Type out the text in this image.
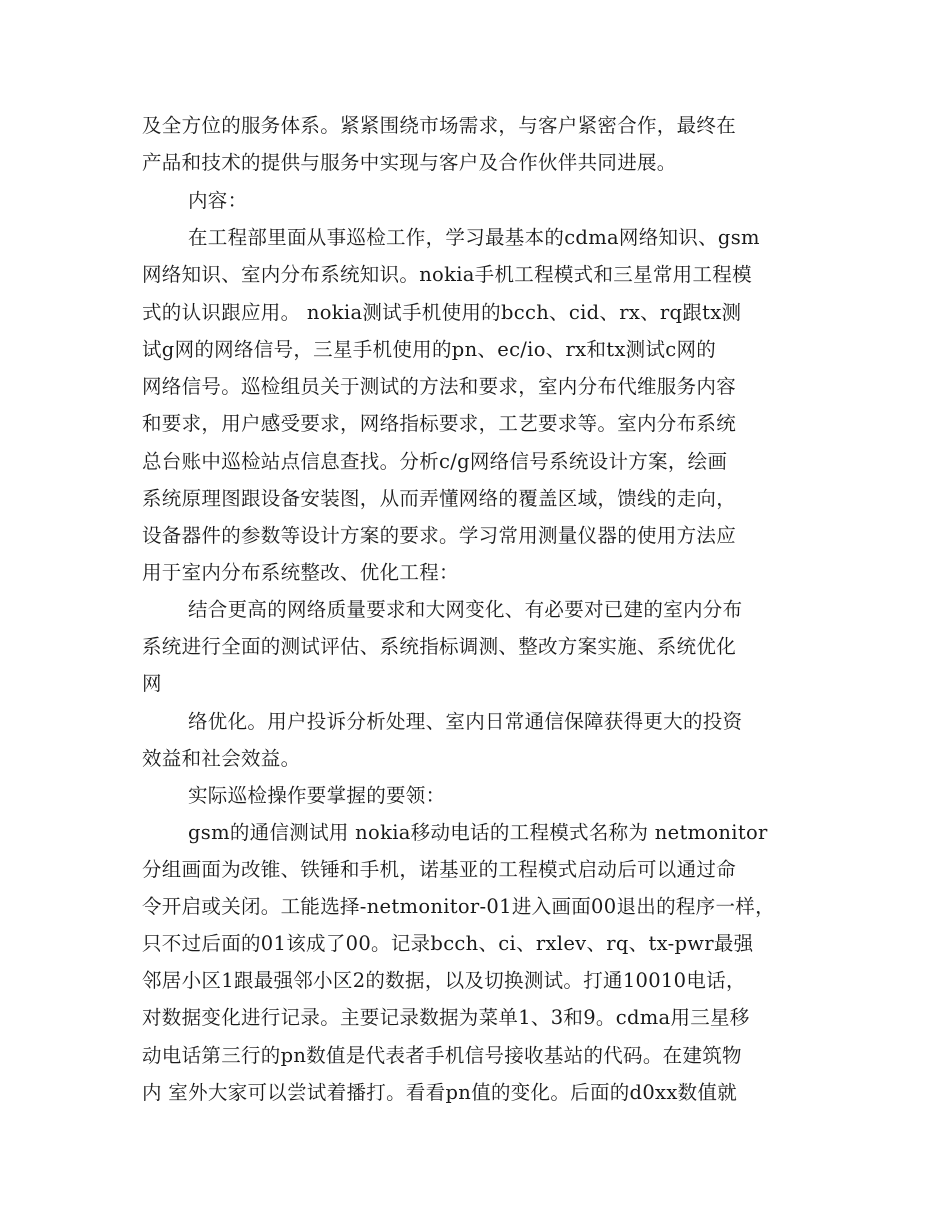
及全方位的服务体系。紧紧围绕市场需求，与客户紧密合作，最终在
产品和技术的提供与服务中实现与客户及合作伙伴共同进展。
内容：
在工程部里面从事巡检工作，学习最基本的cdma网络知识、gsm
网络知识、室内分布系统知识。nokia手机工程模式和三星常用工程模
式的认识跟应用。 nokia测试手机使用的bcch、cid、rx、rq跟tx测
试g网的网络信号，三星手机使用的pn、ec/io、rx和tx测试c网的
网络信号。巡检组员关于测试的方法和要求，室内分布代维服务内容
和要求，用户感受要求，网络指标要求，工艺要求等。室内分布系统
总台账中巡检站点信息查找。分析c/g网络信号系统设计方案，绘画
系统原理图跟设备安装图，从而弄懂网络的覆盖区域，馈线的走向，
设备器件的参数等设计方案的要求。学习常用测量仪器的使用方法应
用于室内分布系统整改、优化工程：
结合更高的网络质量要求和大网变化、有必要对已建的室内分布
系统进行全面的测试评估、系统指标调测、整改方案实施、系统优化
网
络优化。用户投诉分析处理、室内日常通信保障获得更大的投资
效益和社会效益。
实际巡检操作要掌握的要领：
gsm的通信测试用 nokia移动电话的工程模式名称为 netmonitor
分组画面为改锥、铁锤和手机，诺基亚的工程模式启动后可以通过命
令开启或关闭。工能选择-netmonitor-01进入画面00退出的程序一样，
只不过后面的01该成了00。记录bcch、ci、rxlev、rq、tx-pwr最强
邻居小区1跟最强邻小区2的数据，以及切换测试。打通10010电话，
对数据变化进行记录。主要记录数据为菜单1、3和9。cdma用三星移
动电话第三行的pn数值是代表者手机信号接收基站的代码。在建筑物
内 室外大家可以尝试着播打。看看pn值的变化。后面的d0xx数值就
